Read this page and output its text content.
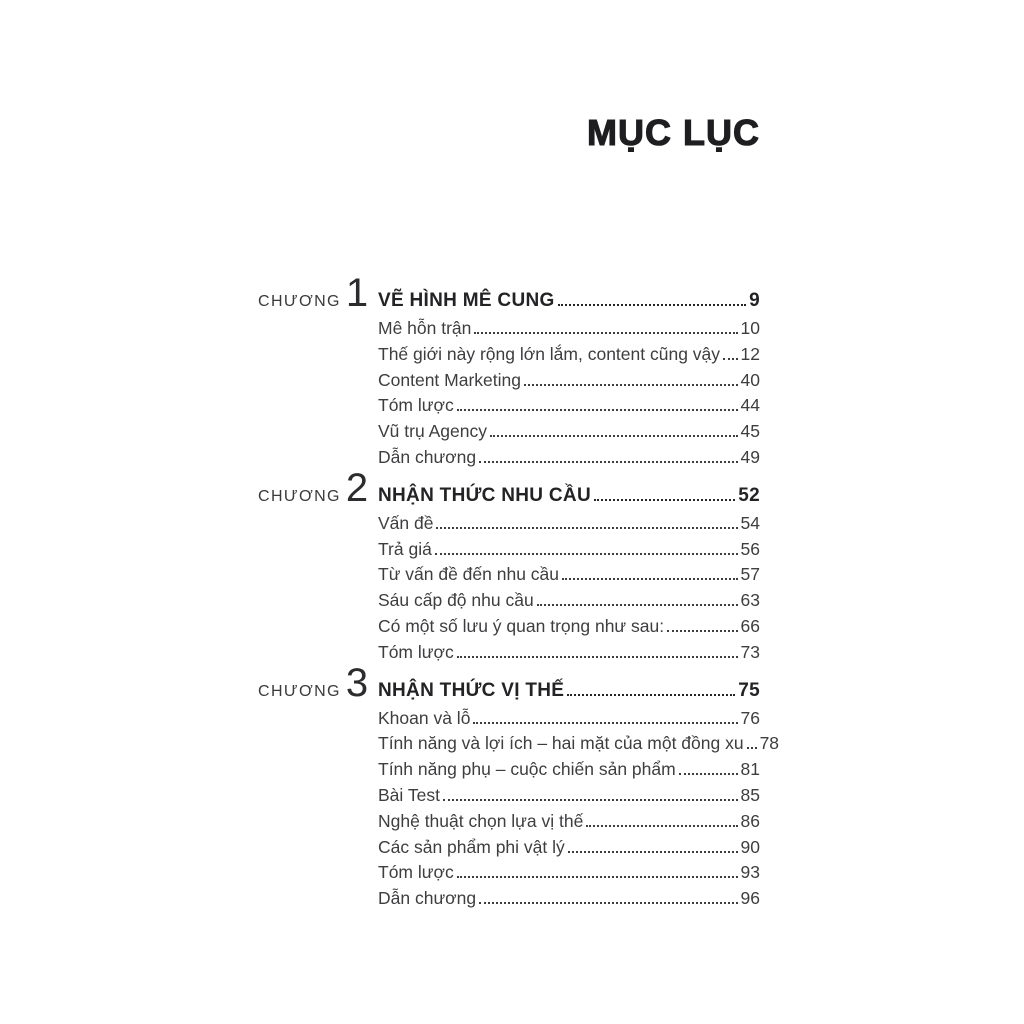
MỤC LỤC
CHƯƠNG 1 VẼ HÌNH MÊ CUNG	9
Mê hỗn trận	10
Thế giới này rộng lớn lắm, content cũng vậy 12
Content Marketing	40
Tóm lược	44
Vũ trụ Agency	45
Dẫn chương	49
CHƯƠNG 2 NHẬN THỨC NHU CẦU	52
Vấn đề	54
Trả giá	56
Từ vấn đề đến nhu cầu	57
Sáu cấp độ nhu cầu	63
Có một số lưu ý quan trọng như sau:	66
Tóm lược	73
CHƯƠNG 3 NHẬN THỨC VỊ THẾ	75
Khoan và lỗ	76
Tính năng và lợi ích – hai mặt của một đồng xu 78
Tính năng phụ – cuộc chiến sản phẩm	81
Bài Test	85
Nghệ thuật chọn lựa vị thế	86
Các sản phẩm phi vật lý	90
Tóm lược	93
Dẫn chương	96
